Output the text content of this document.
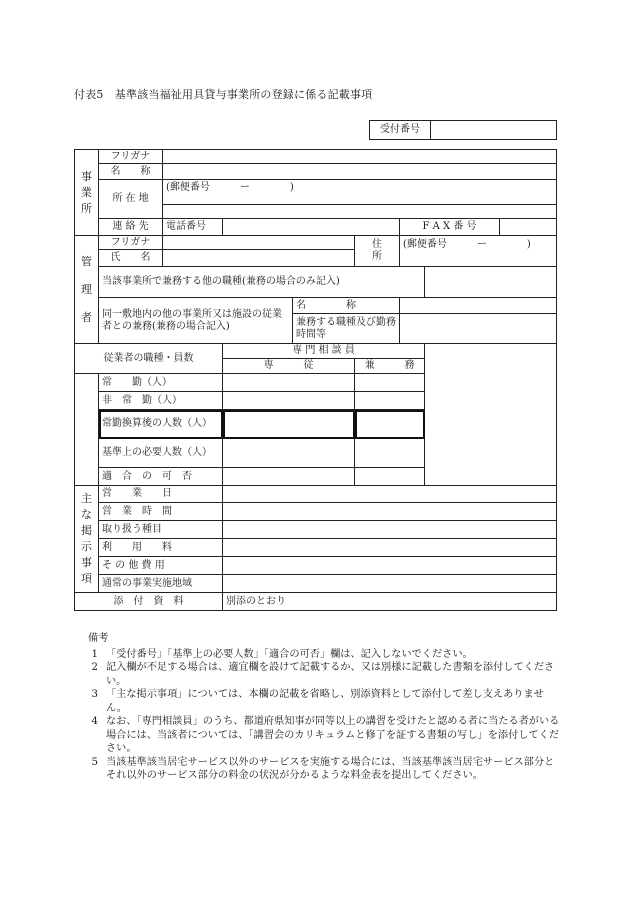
付表5　基準該当福祉用具貸与事業所の登録に係る記載事項
受付番号
事業所	フリガナ							
	名　　称							
	所 在 地	(郵便番号　　　ー　　　　)						

	連 絡 先	電話番号				F A X 番 号		
管理者	フリガナ				住　　所	(郵便番号　　　ー　　　　)		
	氏　　名							
	当該事業所で兼務する他の職種(兼務の場合のみ記入)							
	同一敷地内の他の事業所又は施設の従業者との兼務(兼務の場合記入)			名　　　　称				
				兼務する職種及び勤務時間等				

従業者の職種・員数			専 門 相 談 員					
			専　　　従		兼　　　務			
	常　　勤（人）							
	非　常　勤（人）							
	常勤換算後の人数（人）							
	基準上の必要人数（人）							
	適　合　の　可　否							
主な掲示事項	営　　業　　日							
	営　業　時　間							
	取り扱う種目							
	利　　用　　料							
	そ の 他 費 用							
	通常の事業実施地域							
添　付　資　料			別添のとおり					
備考
1 「受付番号」「基準上の必要人数」「適合の可否」欄は、記入しないでください。
2 記入欄が不足する場合は、適宜欄を設けて記載するか、又は別様に記載した書類を添付してください。
3 「主な掲示事項」については、本欄の記載を省略し、別添資料として添付して差し支えありません。
4 なお、「専門相談員」のうち、都道府県知事が同等以上の講習を受けたと認める者に当たる者がいる場合には、当該者については、「講習会のカリキュラムと修了を証する書類の写し」を添付してください。
5 当該基準該当居宅サービス以外のサービスを実施する場合には、当該基準該当居宅サービス部分とそれ以外のサービス部分の料金の状況が分かるような料金表を提出してください。
